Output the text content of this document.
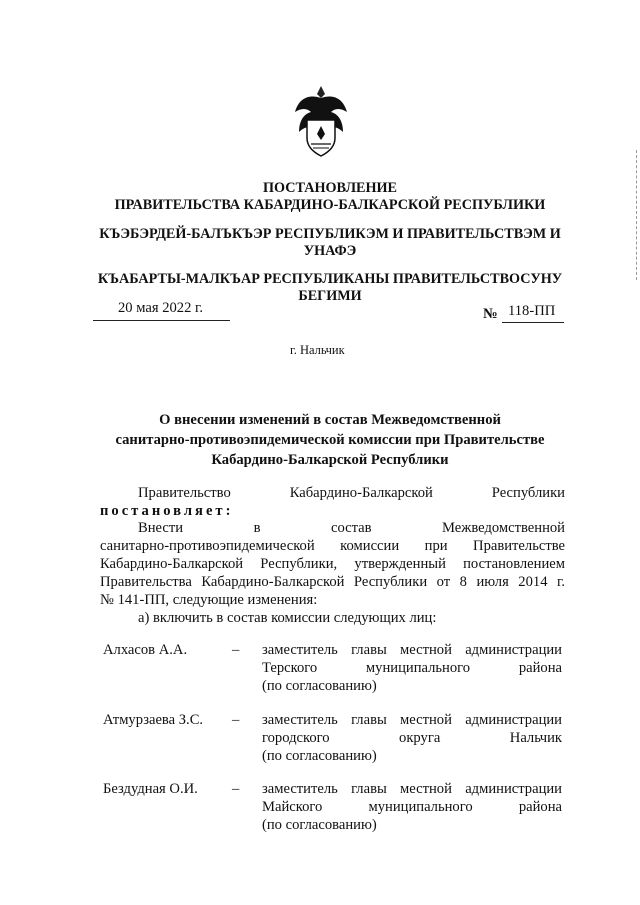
ПОСТАНОВЛЕНИЕ
ПРАВИТЕЛЬСТВА КАБАРДИНО-БАЛКАРСКОЙ РЕСПУБЛИКИ
КЪЭБЭРДЕЙ-БАЛЪКЪЭР РЕСПУБЛИКЭМ И ПРАВИТЕЛЬСТВЭМ И
УНАФЭ
КЪАБАРТЫ-МАЛКЪАР РЕСПУБЛИКАНЫ ПРАВИТЕЛЬСТВОСУНУ
БЕГИМИ
20 мая 2022 г.	№ 118-ПП
г. Нальчик
О внесении изменений в состав Межведомственной
санитарно-противоэпидемической комиссии при Правительстве
Кабардино-Балкарской Республики
Правительство Кабардино-Балкарской Республики
постановляет:
Внести в состав Межведомственной
санитарно-противоэпидемической комиссии при Правительстве
Кабардино-Балкарской Республики, утвержденный постановлением
Правительства Кабардино-Балкарской Республики от 8 июля 2014 г.
№ 141-ПП, следующие изменения:
а) включить в состав комиссии следующих лиц:
Алхасов А.А.	– заместитель главы местной администрации
Терского муниципального района
(по согласованию)
Атмурзаева З.С. – заместитель главы местной администрации
городского округа Нальчик
(по согласованию)
Бездудная О.И. – заместитель главы местной администрации
Майского муниципального района
(по согласованию)
